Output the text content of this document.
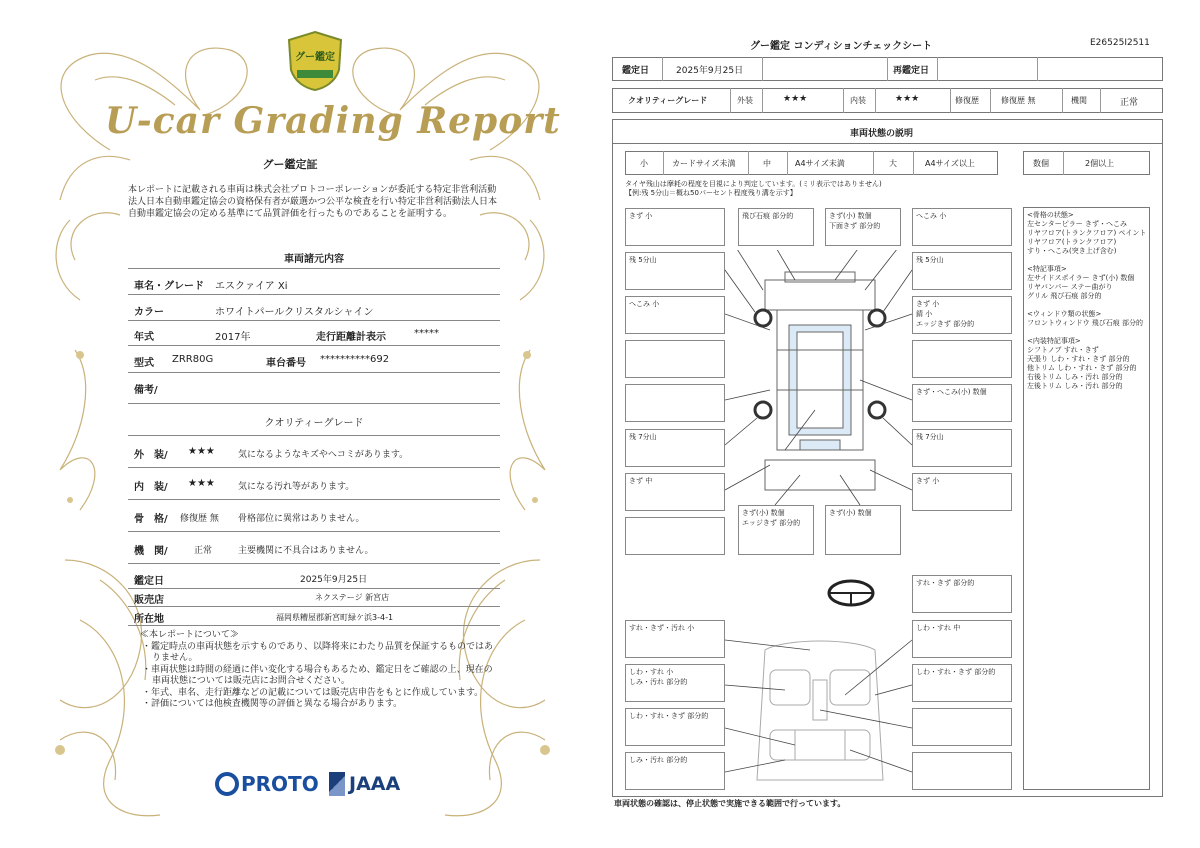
グー鑑定
U-car Grading Report
グー鑑定証
本レポートに記載される車両は株式会社プロトコーポレーションが委託する特定非営利活動法人日本自動車鑑定協会の資格保有者が厳選かつ公平な検査を行い特定非営利活動法人日本自動車鑑定協会の定める基準にて品質評価を行ったものであることを証明する。
車両諸元内容
車名・グレード エスクァイア Xi
カラー	ホワイトパールクリスタルシャイン
年式	2017年	走行距離計表示	*****
型式 ZRR80G	車台番号 **********692
備考/
クオリティーグレード
外　装/ ★★★	気になるようなキズやヘコミがあります。
内　装/ ★★★	気になる汚れ等があります。
骨　格/ 修復歴 無 骨格部位に異常はありません。
機　関/	正常	主要機関に不具合はありません。
鑑定日	2025年9月25日
販売店	ネクステージ 新宮店
所在地	福岡県糟屋郡新宮町緑ケ浜3-4-1
≪本レポートについて≫
・鑑定時点の車両状態を示すものであり、以降将来にわたり品質を保証するものではありません。
・車両状態は時間の経過に伴い変化する場合もあるため、鑑定日をご確認の上、現在の車両状態については販売店にお問合せください。
・年式、車名、走行距離などの記載については販売店申告をもとに作成しています。
・評価については他検査機関等の評価と異なる場合があります。
PROTO JAAA
グー鑑定 コンディションチェックシート	E26525I2511
鑑定日	2025年9月25日	再鑑定日
クオリティーグレード	外装	★★★	内装	★★★	修復歴	修復歴 無	機関	正常
車両状態の説明
小	カードサイズ未満	中	A4サイズ未満	大	A4サイズ以上	数個	2個以上
タイヤ残山は摩耗の程度を目視により判定しています。(ミリ表示ではありません)
【例:残 5分山＝概ね50パーセント程度残り溝を示す】
きず 小
残 5分山
へこみ 小
残 7分山
きず 中
飛び石痕 部分的	きず(小) 数個
下面きず 部分的
へこみ 小
残 5分山
きず 小
錆 小
エッジきず 部分的
きず・へこみ(小) 数個
残 7分山
きず 小
きず(小) 数個
エッジきず 部分的
きず(小) 数個
すれ・きず 部分的
すれ・きず・汚れ 小
しわ・すれ 小
しみ・汚れ 部分的
しわ・すれ・きず 部分的
しみ・汚れ 部分的
しわ・すれ 中
しわ・すれ・きず 部分的
<骨格の状態>
左センターピラー きず・へこみ
リヤフロア(トランクフロア) ペイント
リヤフロア(トランクフロア)
すり・へこみ(突き上げ含む)
<特記事項>
左サイドスポイラー きず(小) 数個
リヤバンパー ステー曲がり
グリル 飛び石痕 部分的
<ウィンドウ類の状態>
フロントウィンドウ 飛び石痕 部分的
<内装特記事項>
シフトノブ すれ・きず
天張り しわ・すれ・きず 部分的
他トリム しわ・すれ・きず 部分的
右後トリム しみ・汚れ 部分的
左後トリム しみ・汚れ 部分的
車両状態の確認は、停止状態で実施できる範囲で行っています。
